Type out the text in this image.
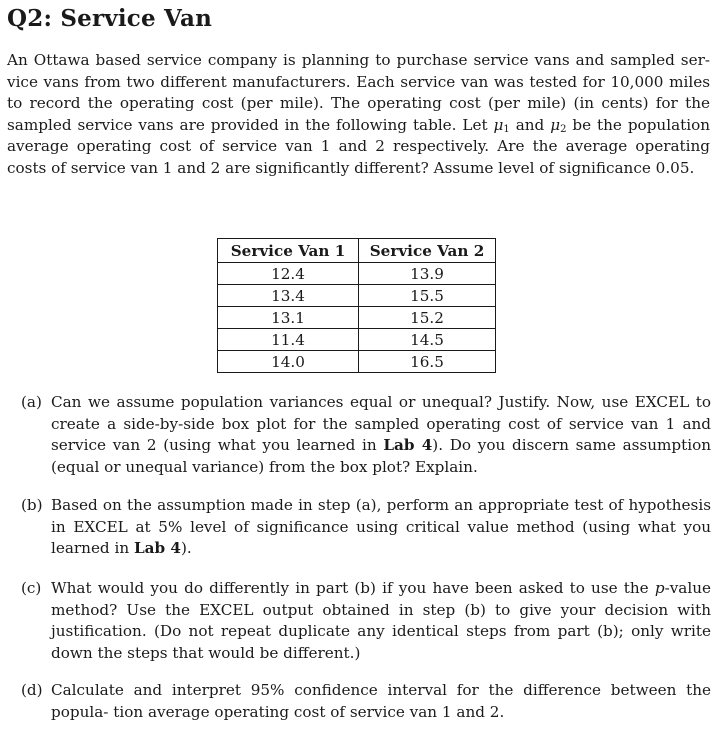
Q2: Service Van
An Ottawa based service company is planning to purchase service vans and sampled ser- vice vans from two different manufacturers. Each service van was tested for 10,000 miles to record the operating cost (per mile). The operating cost (per mile) (in cents) for the sampled service vans are provided in the following table. Let $\mu_1$ and $\mu_2$ be the population average operating cost of service van 1 and 2 respectively. Are the average operating costs of service van 1 and 2 are significantly different? Assume level of significance 0.05.
Service Van 1	Service Van 2
12.4	13.9
13.4	15.5
13.1	15.2
11.4	14.5
14.0	16.5
(a) Can we assume population variances equal or unequal? Justify. Now, use EXCEL to create a side-by-side box plot for the sampled operating cost of service van 1 and service van 2 (using what you learned in Lab 4). Do you discern same assumption (equal or unequal variance) from the box plot? Explain.
(b) Based on the assumption made in step (a), perform an appropriate test of hypothesis in EXCEL at 5% level of significance using critical value method (using what you learned in Lab 4).
(c) What would you do differently in part (b) if you have been asked to use the p-value method? Use the EXCEL output obtained in step (b) to give your decision with justification. (Do not repeat duplicate any identical steps from part (b); only write down the steps that would be different.)
(d) Calculate and interpret 95% confidence interval for the difference between the popula- tion average operating cost of service van 1 and 2.
